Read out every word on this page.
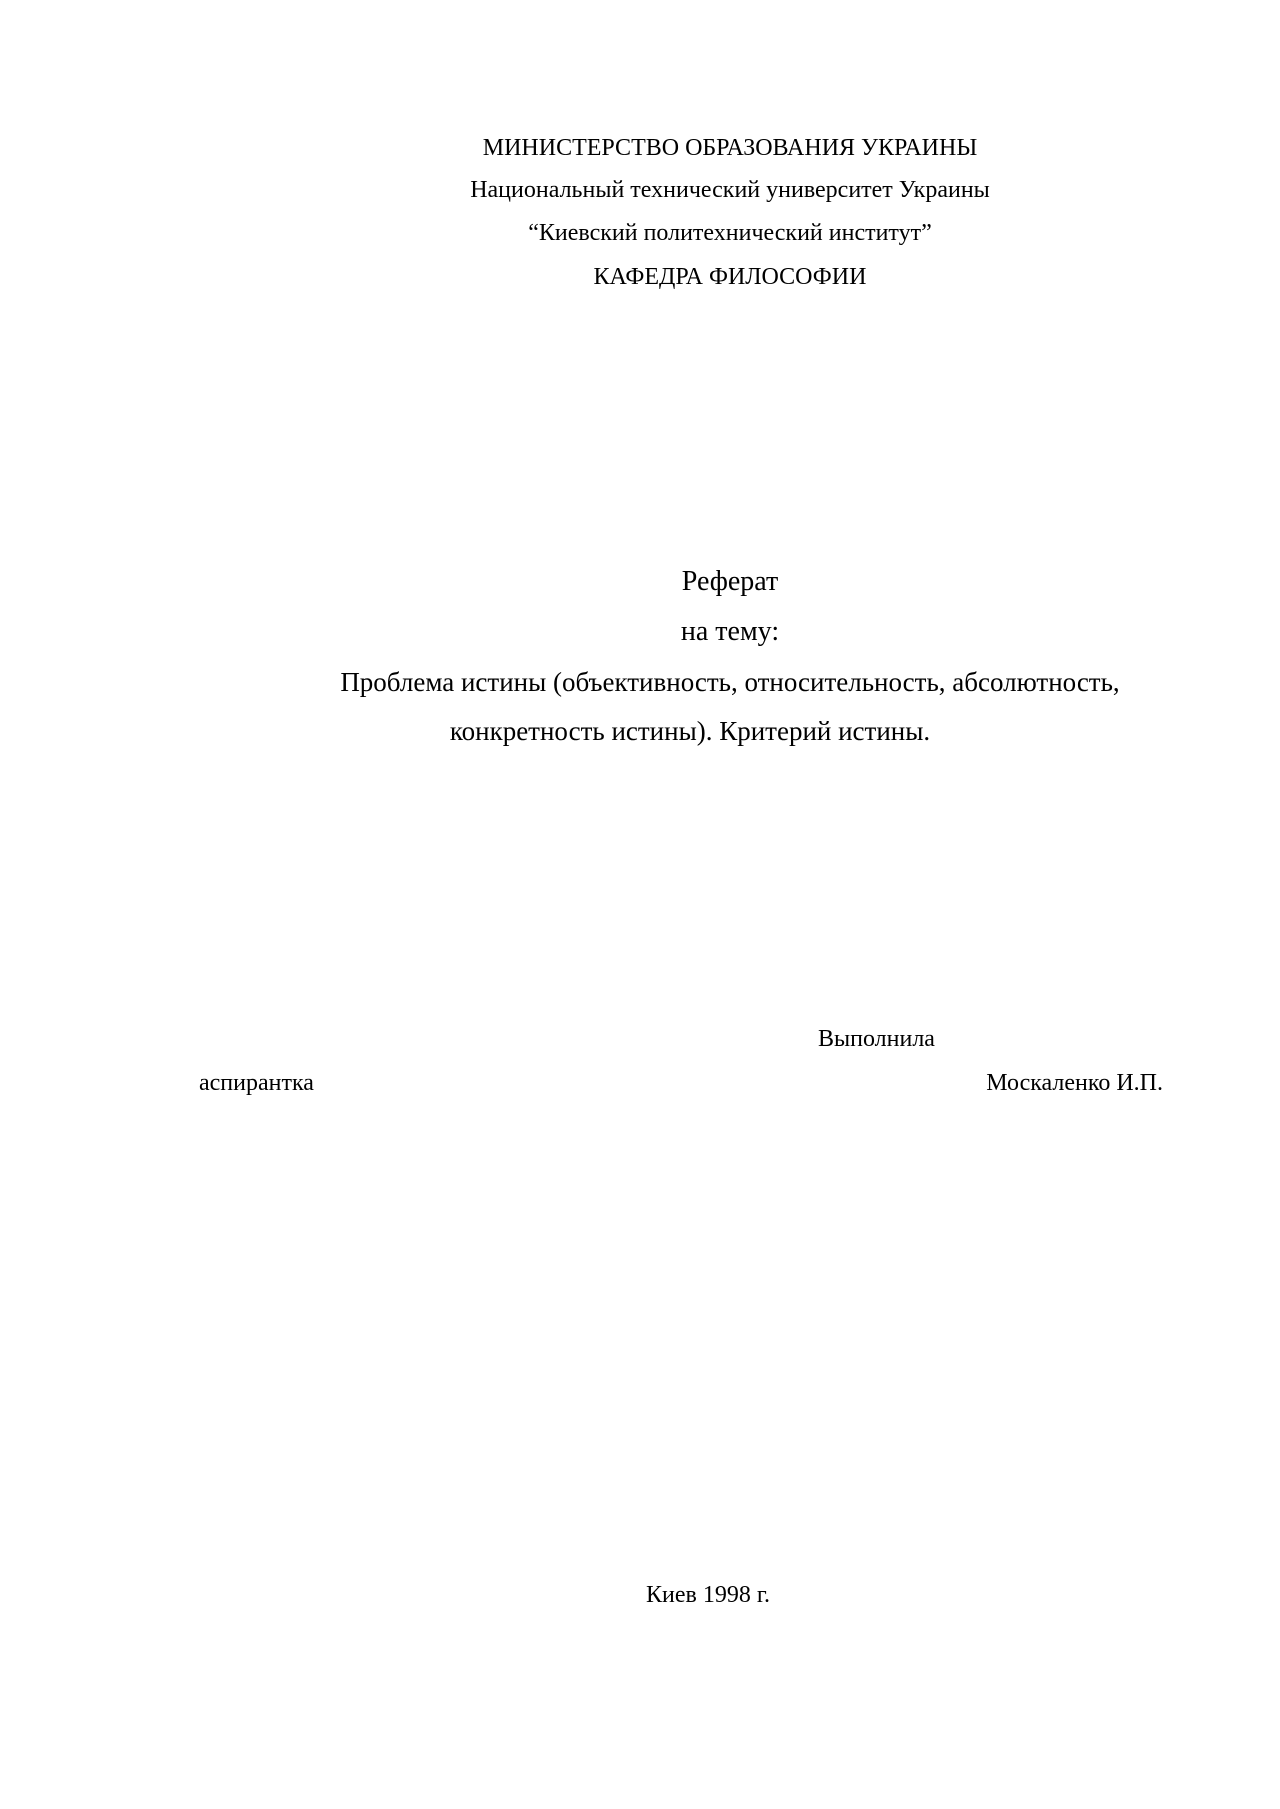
МИНИСТЕРСТВО ОБРАЗОВАНИЯ УКРАИНЫ
Национальный технический университет Украины
“Киевский политехнический институт”
КАФЕДРА ФИЛОСОФИИ
Реферат
на тему:
Проблема истины (объективность, относительность, абсолютность,
конкретность истины). Критерий истины.
Выполнила
аспирантка	Москаленко И.П.
Киев 1998 г.
